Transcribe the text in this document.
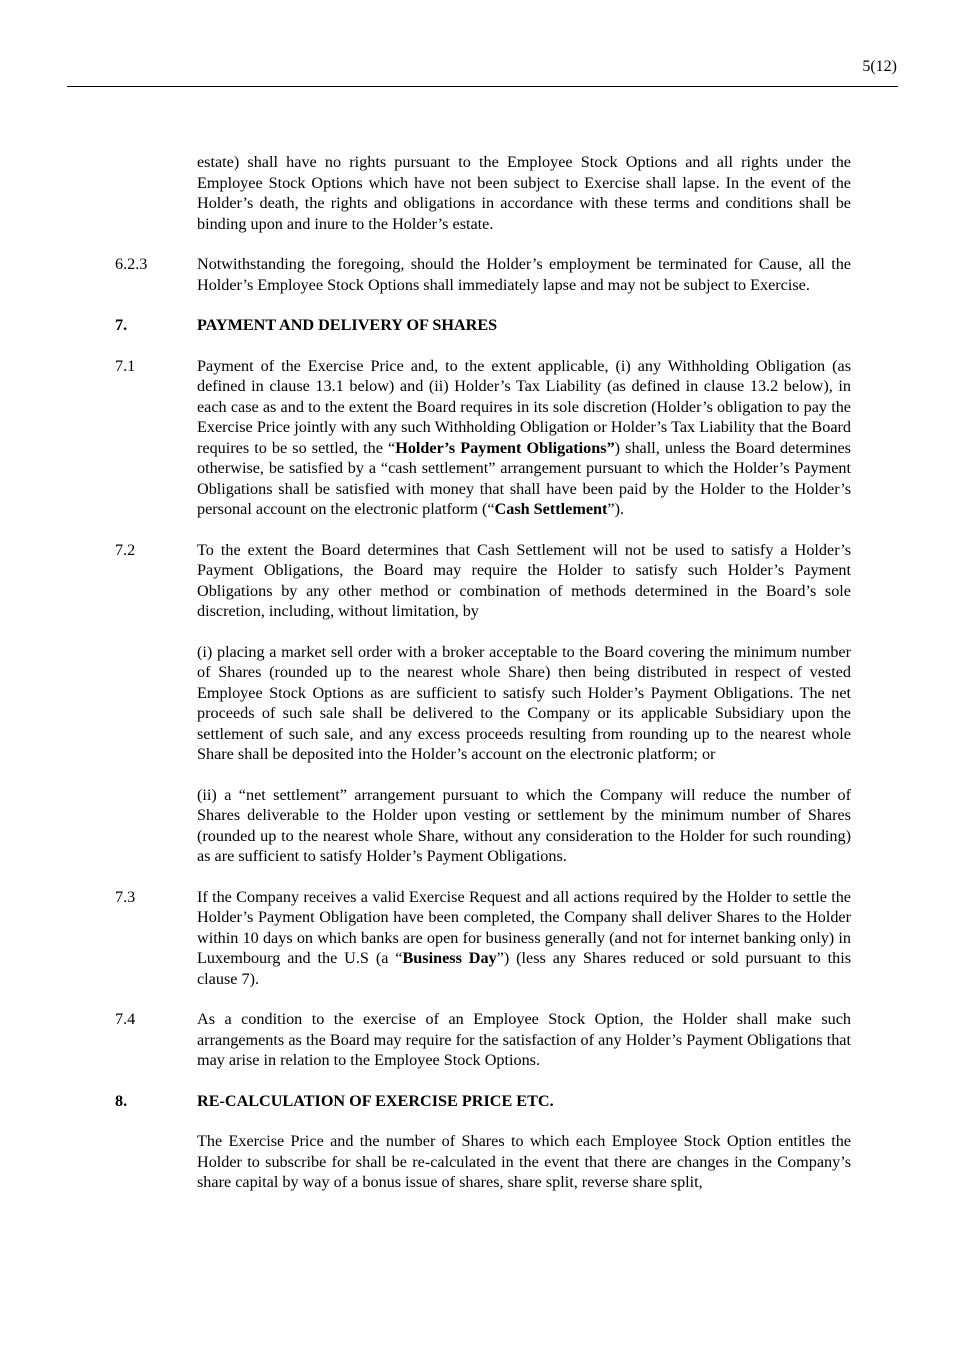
5(12)
estate) shall have no rights pursuant to the Employee Stock Options and all rights under the Employee Stock Options which have not been subject to Exercise shall lapse. In the event of the Holder’s death, the rights and obligations in accordance with these terms and conditions shall be binding upon and inure to the Holder’s estate.
6.2.3	Notwithstanding the foregoing, should the Holder’s employment be terminated for Cause, all the Holder’s Employee Stock Options shall immediately lapse and may not be subject to Exercise.
7.	PAYMENT AND DELIVERY OF SHARES
7.1	Payment of the Exercise Price and, to the extent applicable, (i) any Withholding Obligation (as defined in clause 13.1 below) and (ii) Holder’s Tax Liability (as defined in clause 13.2 below), in each case as and to the extent the Board requires in its sole discretion (Holder’s obligation to pay the Exercise Price jointly with any such Withholding Obligation or Holder’s Tax Liability that the Board requires to be so settled, the “Holder’s Payment Obligations”) shall, unless the Board determines otherwise, be satisfied by a “cash settlement” arrangement pursuant to which the Holder’s Payment Obligations shall be satisfied with money that shall have been paid by the Holder to the Holder’s personal account on the electronic platform (“Cash Settlement”).
7.2	To the extent the Board determines that Cash Settlement will not be used to satisfy a Holder’s Payment Obligations, the Board may require the Holder to satisfy such Holder’s Payment Obligations by any other method or combination of methods determined in the Board’s sole discretion, including, without limitation, by
(i) placing a market sell order with a broker acceptable to the Board covering the minimum number of Shares (rounded up to the nearest whole Share) then being distributed in respect of vested Employee Stock Options as are sufficient to satisfy such Holder’s Payment Obligations. The net proceeds of such sale shall be delivered to the Company or its applicable Subsidiary upon the settlement of such sale, and any excess proceeds resulting from rounding up to the nearest whole Share shall be deposited into the Holder’s account on the electronic platform; or
(ii) a “net settlement” arrangement pursuant to which the Company will reduce the number of Shares deliverable to the Holder upon vesting or settlement by the minimum number of Shares (rounded up to the nearest whole Share, without any consideration to the Holder for such rounding) as are sufficient to satisfy Holder’s Payment Obligations.
7.3	If the Company receives a valid Exercise Request and all actions required by the Holder to settle the Holder’s Payment Obligation have been completed, the Company shall deliver Shares to the Holder within 10 days on which banks are open for business generally (and not for internet banking only) in Luxembourg and the U.S (a “Business Day”) (less any Shares reduced or sold pursuant to this clause 7).
7.4	As a condition to the exercise of an Employee Stock Option, the Holder shall make such arrangements as the Board may require for the satisfaction of any Holder’s Payment Obligations that may arise in relation to the Employee Stock Options.
8.	RE-CALCULATION OF EXERCISE PRICE ETC.
The Exercise Price and the number of Shares to which each Employee Stock Option entitles the Holder to subscribe for shall be re-calculated in the event that there are changes in the Company’s share capital by way of a bonus issue of shares, share split, reverse share split,
